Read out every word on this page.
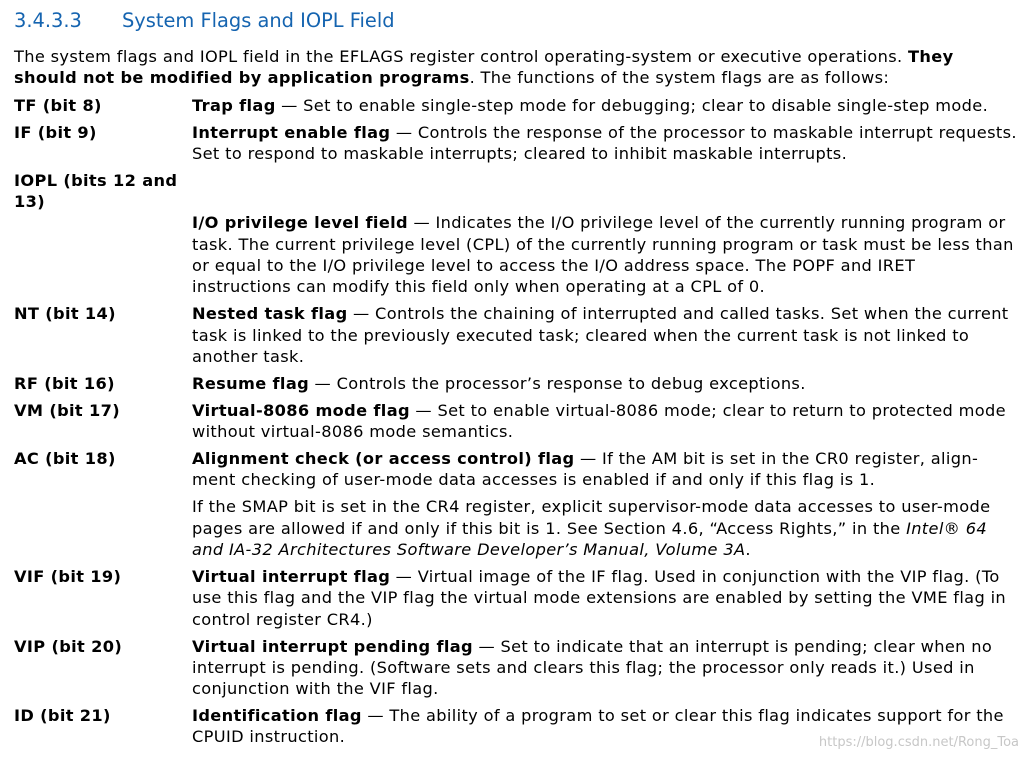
3.4.3.3	System Flags and IOPL Field
The system flags and IOPL field in the EFLAGS register control operating-system or executive operations. They should not be modified by application programs. The functions of the system flags are as follows:
TF (bit 8)	Trap flag — Set to enable single-step mode for debugging; clear to disable single-step mode.
IF (bit 9)	Interrupt enable flag — Controls the response of the processor to maskable interrupt requests. Set to respond to maskable interrupts; cleared to inhibit maskable interrupts.
IOPL (bits 12 and 13)
I/O privilege level field — Indicates the I/O privilege level of the currently running program or task. The current privilege level (CPL) of the currently running program or task must be less than or equal to the I/O privilege level to access the I/O address space. The POPF and IRET instructions can modify this field only when operating at a CPL of 0.
NT (bit 14)	Nested task flag — Controls the chaining of interrupted and called tasks. Set when the current task is linked to the previously executed task; cleared when the current task is not linked to another task.
RF (bit 16)	Resume flag — Controls the processor’s response to debug exceptions.
VM (bit 17)	Virtual-8086 mode flag — Set to enable virtual-8086 mode; clear to return to protected mode without virtual-8086 mode semantics.
AC (bit 18)	Alignment check (or access control) flag — If the AM bit is set in the CR0 register, align-ment checking of user-mode data accesses is enabled if and only if this flag is 1.
If the SMAP bit is set in the CR4 register, explicit supervisor-mode data accesses to user-mode pages are allowed if and only if this bit is 1. See Section 4.6, “Access Rights,” in the Intel® 64 and IA-32 Architectures Software Developer’s Manual, Volume 3A.
VIF (bit 19)	Virtual interrupt flag — Virtual image of the IF flag. Used in conjunction with the VIP flag. (To use this flag and the VIP flag the virtual mode extensions are enabled by setting the VME flag in control register CR4.)
VIP (bit 20)	Virtual interrupt pending flag — Set to indicate that an interrupt is pending; clear when no interrupt is pending. (Software sets and clears this flag; the processor only reads it.) Used in conjunction with the VIF flag.
ID (bit 21)	Identification flag — The ability of a program to set or clear this flag indicates support for the CPUID instruction.	https://blog.csdn.net/Rong_Toa
